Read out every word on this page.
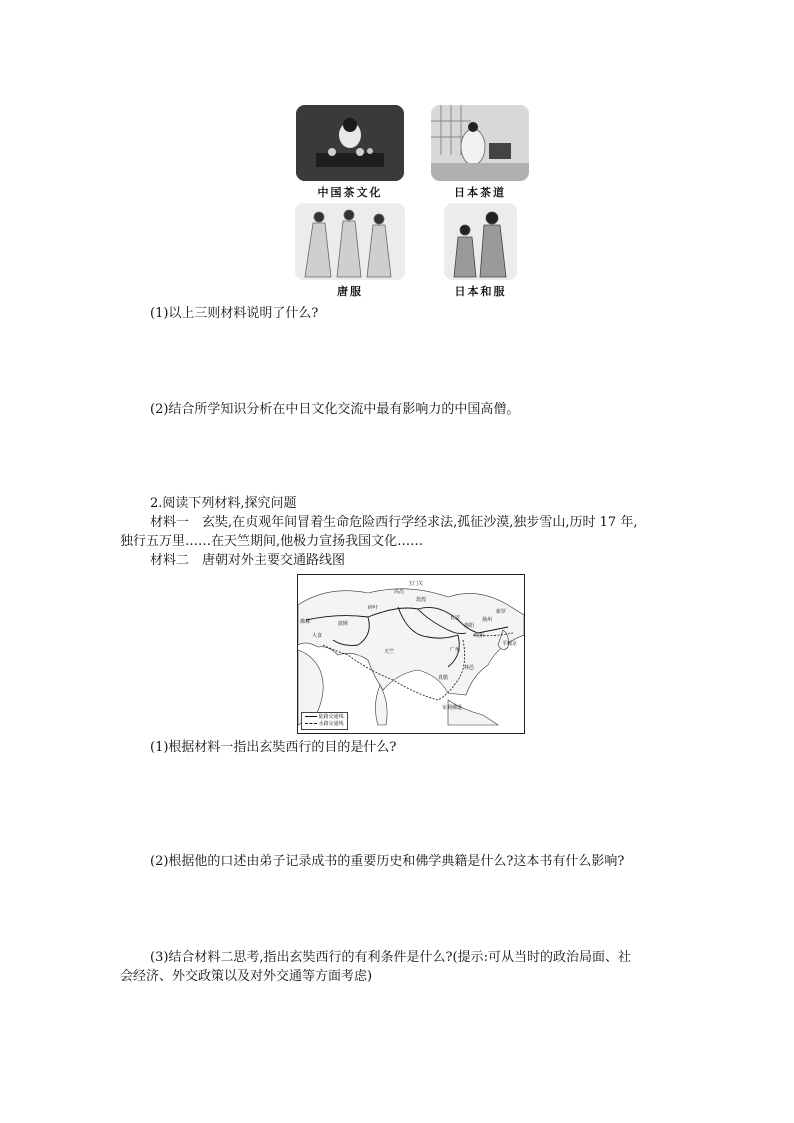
中国茶文化	日本茶道
唐服	日本和服
(1)以上三则材料说明了什么?
(2)结合所学知识分析在中日文化交流中最有影响力的中国高僧。
2.阅读下列材料,探究问题
材料一　玄奘,在贞观年间冒着生命危险西行学经求法,孤征沙漠,独步雪山,历时 17 年,
独行五万里……在天竺期间,他极力宣扬我国文化……
材料二　唐朝对外主要交通路线图
玉门关
高昌
敦煌
碎叶
长安
洛阳
扬州
明州
广州
林邑
真腊
新罗
平城京
大食
波斯
拂菻
天竺
室利佛逝
陆路交通线
水路交通线
(1)根据材料一指出玄奘西行的目的是什么?
(2)根据他的口述由弟子记录成书的重要历史和佛学典籍是什么?这本书有什么影响?
(3)结合材料二思考,指出玄奘西行的有利条件是什么?(提示:可从当时的政治局面、社
会经济、外交政策以及对外交通等方面考虑)
